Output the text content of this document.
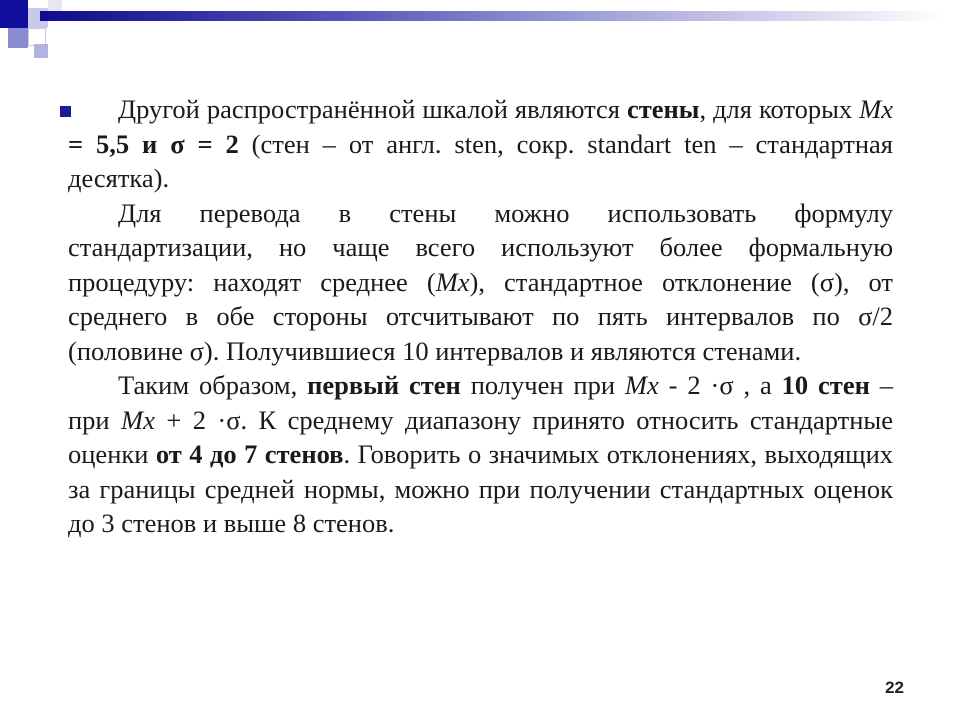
Другой распространённой шкалой являются стены, для которых Mx = 5,5 и σ = 2 (стен – от англ. sten, сокр. standart ten – стандартная десятка).

Для перевода в стены можно использовать формулу стандартизации, но чаще всего используют более формальную процедуру: находят среднее (Mx), стандартное отклонение (σ), от среднего в обе стороны отсчитывают по пять интервалов по σ/2 (половине σ). Получившиеся 10 интервалов и являются стенами.

Таким образом, первый стен получен при Mx - 2 ·σ , а 10 стен – при Mx + 2 ·σ. К среднему диапазону принято относить стандартные оценки от 4 до 7 стенов. Говорить о значимых отклонениях, выходящих за границы средней нормы, можно при получении стандартных оценок до 3 стенов и выше 8 стенов.

22
